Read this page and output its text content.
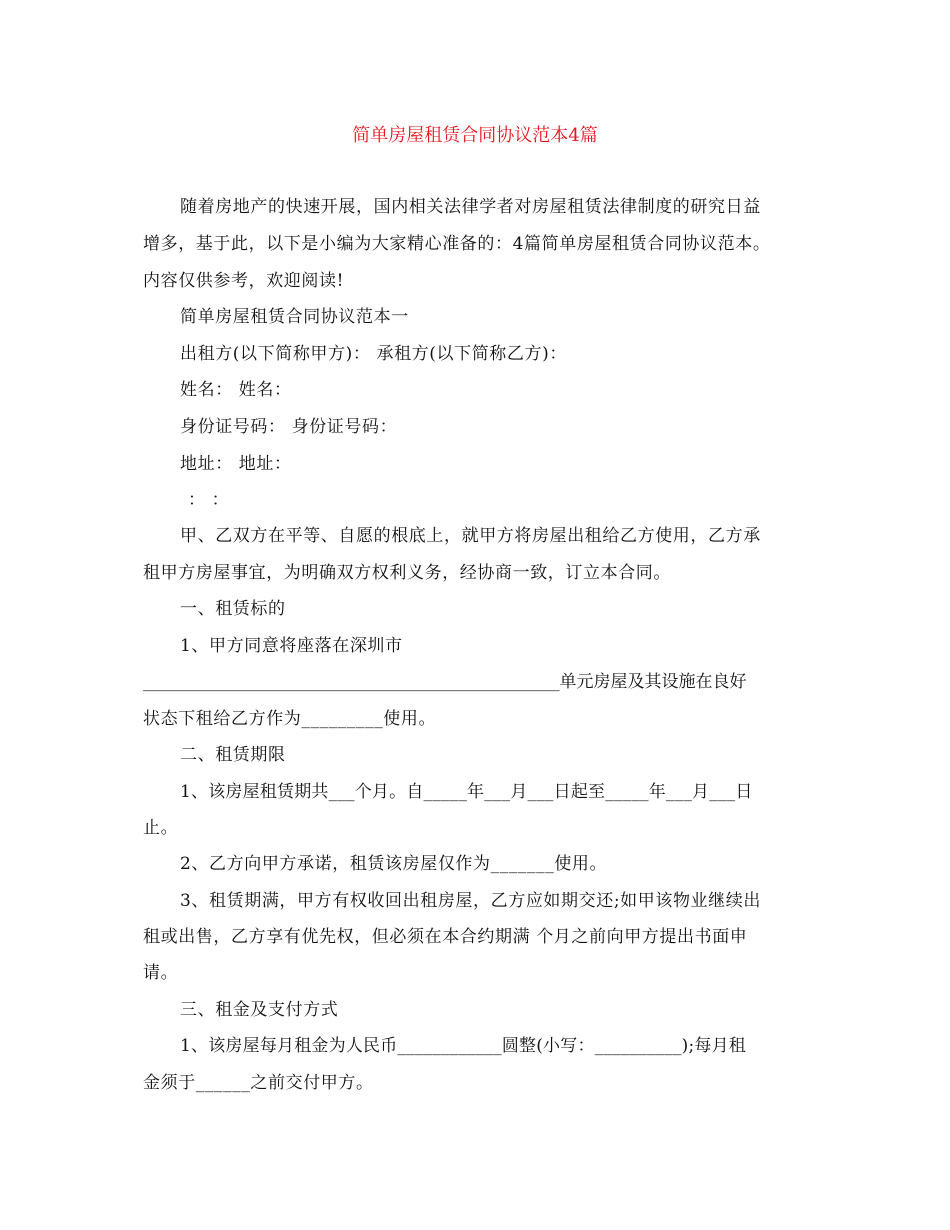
简单房屋租赁合同协议范本4篇
随着房地产的快速开展，国内相关法律学者对房屋租赁法律制度的研究日益
增多，基于此，以下是小编为大家精心准备的：4篇简单房屋租赁合同协议范本。
内容仅供参考，欢迎阅读!
简单房屋租赁合同协议范本一
出租方(以下简称甲方)： 承租方(以下简称乙方)：
姓名： 姓名：
身份证号码： 身份证号码：
地址： 地址：
： ：
甲、乙双方在平等、自愿的根底上，就甲方将房屋出租给乙方使用，乙方承
租甲方房屋事宜，为明确双方权利义务，经协商一致，订立本合同。
一、租赁标的
1、甲方同意将座落在深圳市
_________________________________________________单元房屋及其设施在良好
状态下租给乙方作为_________使用。
二、租赁期限
1、该房屋租赁期共___个月。自_____年___月___日起至_____年___月___日
止。
2、乙方向甲方承诺，租赁该房屋仅作为_______使用。
3、租赁期满，甲方有权收回出租房屋，乙方应如期交还;如甲该物业继续出
租或出售，乙方享有优先权，但必须在本合约期满 个月之前向甲方提出书面申
请。
三、租金及支付方式
1、该房屋每月租金为人民币____________圆整(小写：__________);每月租
金须于______之前交付甲方。
